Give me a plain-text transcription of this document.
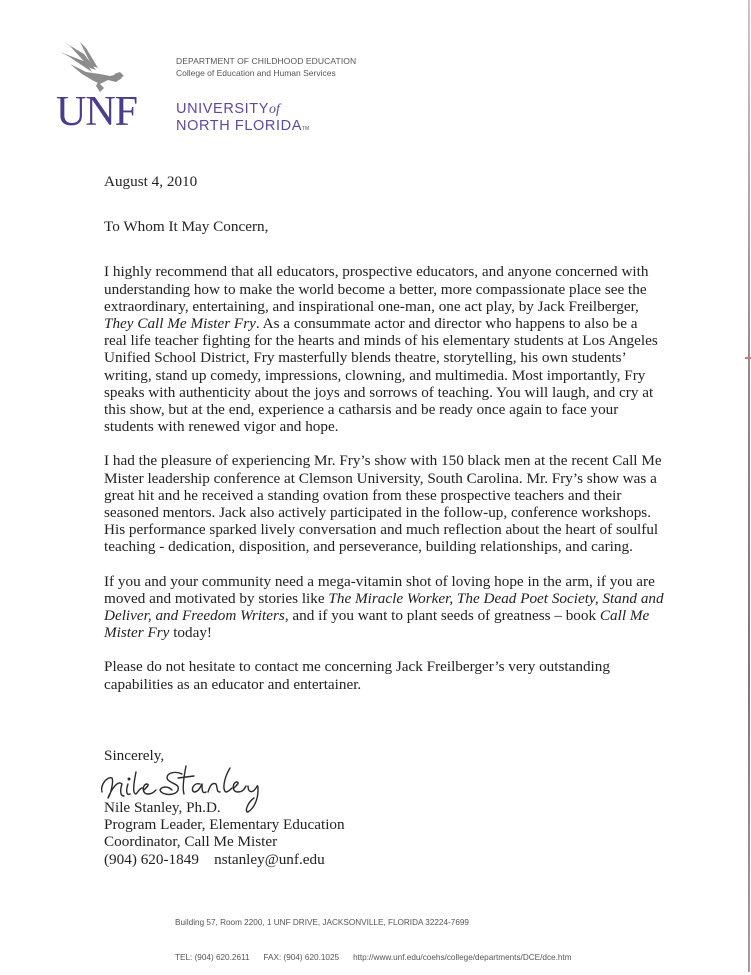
UNF
DEPARTMENT OF CHILDHOOD EDUCATION
College of Education and Human Services
UNIVERSITYof
NORTH FLORIDATM

August 4, 2010

To Whom It May Concern,

I highly recommend that all educators, prospective educators, and anyone concerned with understanding how to make the world become a better, more compassionate place see the extraordinary, entertaining, and inspirational one-man, one act play, by Jack Freilberger, They Call Me Mister Fry. As a consummate actor and director who happens to also be a real life teacher fighting for the hearts and minds of his elementary students at Los Angeles Unified School District, Fry masterfully blends theatre, storytelling, his own students’ writing, stand up comedy, impressions, clowning, and multimedia. Most importantly, Fry speaks with authenticity about the joys and sorrows of teaching. You will laugh, and cry at this show, but at the end, experience a catharsis and be ready once again to face your students with renewed vigor and hope.

I had the pleasure of experiencing Mr. Fry’s show with 150 black men at the recent Call Me Mister leadership conference at Clemson University, South Carolina. Mr. Fry’s show was a great hit and he received a standing ovation from these prospective teachers and their seasoned mentors. Jack also actively participated in the follow-up, conference workshops. His performance sparked lively conversation and much reflection about the heart of soulful teaching - dedication, disposition, and perseverance, building relationships, and caring.

If you and your community need a mega-vitamin shot of loving hope in the arm, if you are moved and motivated by stories like The Miracle Worker, The Dead Poet Society, Stand and Deliver, and Freedom Writers, and if you want to plant seeds of greatness – book Call Me Mister Fry today!

Please do not hesitate to contact me concerning Jack Freilberger’s very outstanding capabilities as an educator and entertainer.

Sincerely,
Nile Stanley, Ph.D.
Program Leader, Elementary Education
Coordinator, Call Me Mister
(904) 620-1849 nstanley@unf.edu

Building 57, Room 2200, 1 UNF DRIVE, JACKSONVILLE, FLORIDA 32224-7699

TEL: (904) 620.2611 FAX: (904) 620.1025 http://www.unf.edu/coehs/college/departments/DCE/dce.htm
